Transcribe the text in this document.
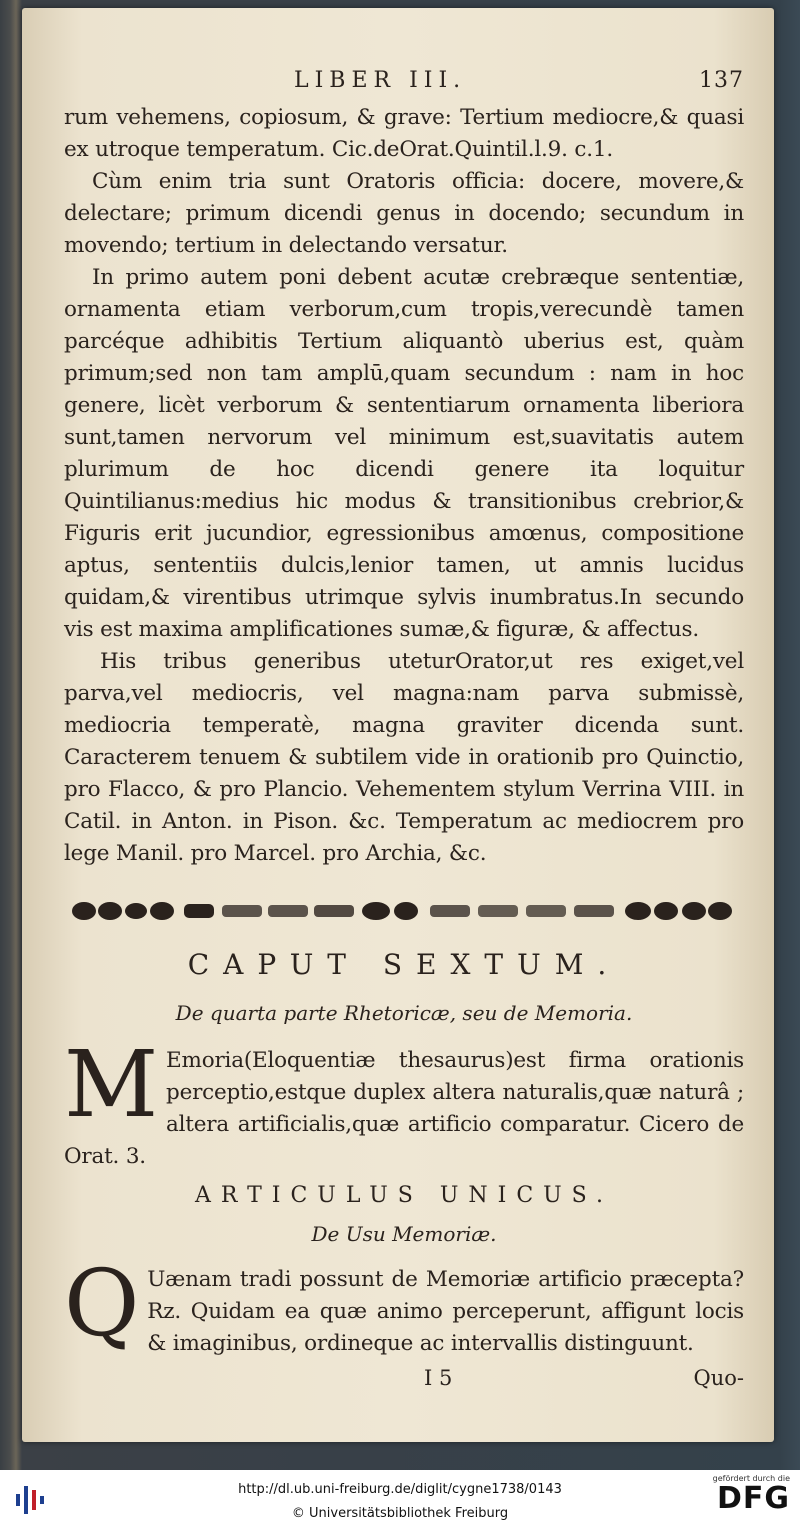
LIBER III.	137

rum vehemens, copiosum, & grave: Tertium mediocre,& quasi ex utroque temperatum. Cic.deOrat.Quintil.l.9. c.1.

Cùm enim tria sunt Oratoris officia: docere, movere,& delectare; primum dicendi genus in docendo; secundum in movendo; tertium in delectando versatur.

In primo autem poni debent acutæ crebræque sententiæ, ornamenta etiam verborum,cum tropis,verecundè tamen parcéque adhibitis Tertium aliquantò uberius est, quàm primum;sed non tam amplū,quam secundum : nam in hoc genere, licèt verborum & sententiarum ornamenta liberiora sunt,tamen nervorum vel minimum est,suavitatis autem plurimum de hoc dicendi genere ita loquitur Quintilianus:medius hic modus & transitionibus crebrior,& Figuris erit jucundior, egressionibus amœnus, compositione aptus, sententiis dulcis,lenior tamen, ut amnis lucidus quidam,& virentibus utrimque sylvis inumbratus.In secundo vis est maxima amplificationes sumæ,& figuræ, & affectus.

His tribus generibus uteturOrator,ut res exiget,vel parva,vel mediocris, vel magna:nam parva submissè, mediocria temperatè, magna graviter dicenda sunt. Caracterem tenuem & subtilem vide in orationib pro Quinctio, pro Flacco, & pro Plancio. Vehementem stylum Verrina VIII. in Catil. in Anton. in Pison. &c. Temperatum ac mediocrem pro lege Manil. pro Marcel. pro Archia, &c.

CAPUT SEXTUM.
De quarta parte Rhetoricæ, seu de Memoria.

M Emoria(Eloquentiæ thesaurus)est firma orationis perceptio,estque duplex altera naturalis,quæ naturâ ; altera artificialis,quæ artificio comparatur. Cicero de Orat. 3.

ARTICULUS UNICUS.
De Usu Memoriæ.

Q Uænam tradi possunt de Memoriæ artificio præcepta? Rz. Quidam ea quæ animo perceperunt, affigunt locis & imaginibus, ordineque ac intervallis distinguunt.

I 5	Quo-
http://dl.ub.uni-freiburg.de/diglit/cygne1738/0143
© Universitätsbibliothek Freiburg
gefördert durch die
DFG
